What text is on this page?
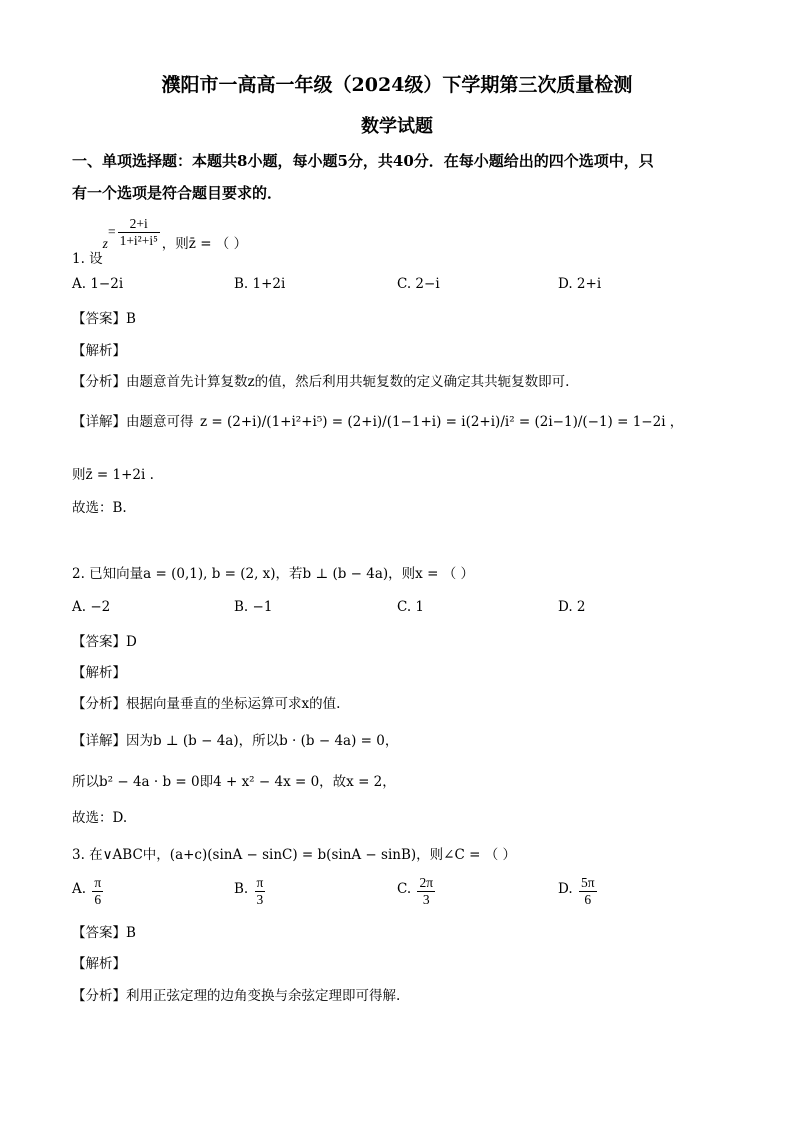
濮阳市一高高一年级（2024级）下学期第三次质量检测
数学试题
一、单项选择题：本题共8小题，每小题5分，共40分．在每小题给出的四个选项中，只
有一个选项是符合题目要求的．
1. 设$z= \frac{2+i}{\text{1+i²+i⁵}}$ ，则z̄ = （ ）
A. 1−2i	B. 1+2i	C. 2−i	D. 2+i
【答案】B
【解析】
【分析】由题意首先计算复数z的值，然后利用共轭复数的定义确定其共轭复数即可.
【详解】由题意可得 z = (2+i)/(1+i²+i⁵) = (2+i)/(1−1+i) = i(2+i)/i² = (2i−1)/(−1) = 1−2i ，
则z̄ = 1+2i .
故选：B.
2. 已知向量a = (0,1), b = (2, x)，若b ⊥ (b − 4a)，则x = （ ）
A. −2	B. −1	C. 1	D. 2
【答案】D
【解析】
【分析】根据向量垂直的坐标运算可求x的值.
【详解】因为b ⊥ (b − 4a)，所以b · (b − 4a) = 0，
所以b² − 4a · b = 0即4 + x² − 4x = 0，故x = 2，
故选：D.
3. 在∨ABC中，(a+c)(sinA − sinC) = b(sinA − sinB)，则∠C = （ ）
A. $\frac{\pi}{6}$	B. $\frac{\pi}{3}$	C. $\frac{2\pi}{3}$	D. $\frac{5\pi}{6}$
【答案】B
【解析】
【分析】利用正弦定理的边角变换与余弦定理即可得解.
